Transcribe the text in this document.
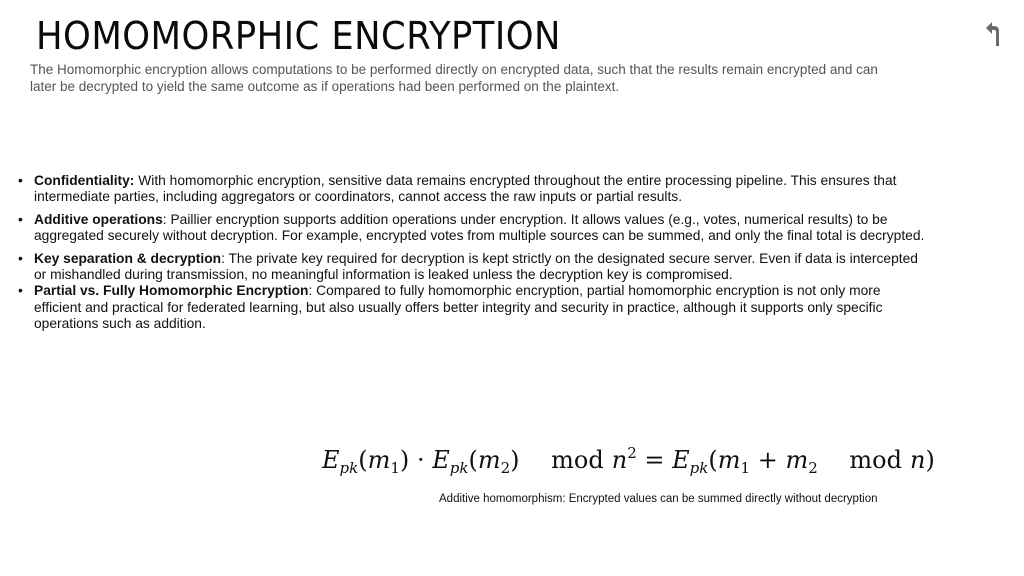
HOMOMORPHIC ENCRYPTION

The Homomorphic encryption allows computations to be performed directly on encrypted data, such that the results remain encrypted and can later be decrypted to yield the same outcome as if operations had been performed on the plaintext.

• Confidentiality: With homomorphic encryption, sensitive data remains encrypted throughout the entire processing pipeline. This ensures that intermediate parties, including aggregators or coordinators, cannot access the raw inputs or partial results.
• Additive operations: Paillier encryption supports addition operations under encryption. It allows values (e.g., votes, numerical results) to be aggregated securely without decryption. For example, encrypted votes from multiple sources can be summed, and only the final total is decrypted.
• Key separation & decryption: The private key required for decryption is kept strictly on the designated secure server. Even if data is intercepted or mishandled during transmission, no meaningful information is leaked unless the decryption key is compromised.
• Partial vs. Fully Homomorphic Encryption: Compared to fully homomorphic encryption, partial homomorphic encryption is not only more efficient and practical for federated learning, but also usually offers better integrity and security in practice, although it supports only specific operations such as addition.
$E_{pk}(m_1) \cdot E_{pk}(m_2)$ mod $n^2 = E_{pk}(m_1 + m_2$ mod n)
Additive homomorphism: Encrypted values can be summed directly without decryption
